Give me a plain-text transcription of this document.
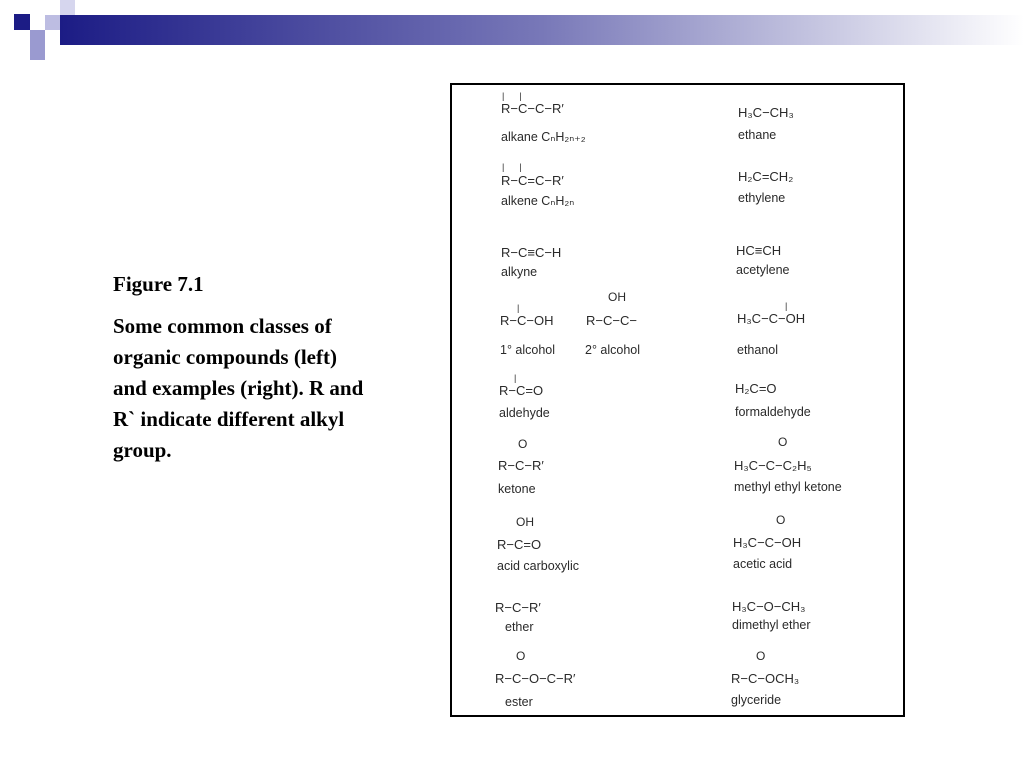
Figure 7.1

Some common classes of organic compounds (left) and examples (right). R and R` indicate different alkyl group.

|      |
R−C−C−R′
alkane CₙH₂ₙ₊₂
H₃C−CH₃
ethane
|      |
R−C=C−R′
alkene CₙH₂ₙ
H₂C=CH₂
ethylene
R−C≡C−H
alkyne
HC≡CH
acetylene
|
R−C−OH
1° alcohol
OH
R−C−C−
2° alcohol
|
H₃C−C−OH
ethanol
|
R−C=O
aldehyde
H₂C=O
formaldehyde
O
R−C−R′
ketone
O
H₃C−C−C₂H₅
methyl ethyl ketone
OH
R−C=O
acid carboxylic
O
H₃C−C−OH
acetic acid
R−C−R′
ether
H₃C−O−CH₃
dimethyl ether
O
R−C−O−C−R′
ester
O
R−C−OCH₃
glyceride
